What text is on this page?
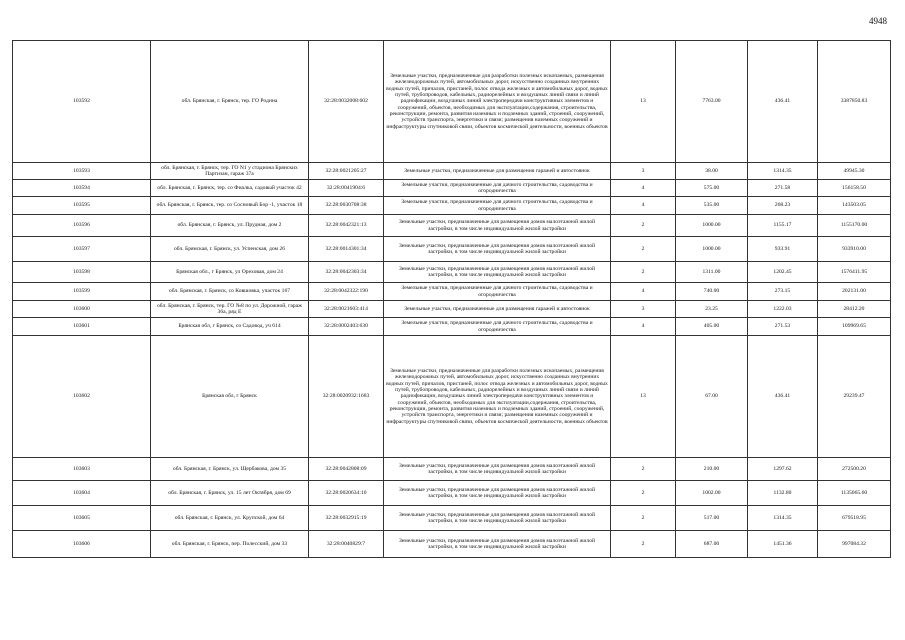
4948
103592	обл. Брянская, г. Брянск, тер. ГО Родина	32:28:0032008:602	Земельные участки, предназначенные для разработки полезных ископаемых, размещения железнодорожных путей, автомобильных дорог, искусственно созданных внутренних водных путей, причалов, пристаней, полос отвода железных и автомобильных дорог, водных путей, трубопроводов, кабельных, радиорелейных и воздушных линий связи и линий радиофикации, воздушных линий электропередачи конструктивных элементов и сооружений, объектов, необходимых для эксплуатации,содержания, строительства, реконструкции, ремонта, развития наземных и подземных зданий, строений, сооружений, устройств транспорта, энергетики и связи; размещения наземных сооружений и инфраструктуры спутниковой связи, объектов космической деятельности, военных объектов	13	7763.00	436.41	3387850.83
103593	обл. Брянская, г. Брянск, тер. ГО N1 у стадиона Брянских Партизан, гараж 37а	32:28:0021205:27	Земельные участки, предназначенные для размещения гаражей и автостоянок	3	38.00	1314.35	49945.30
103594	обл. Брянская, г. Брянск, тер. со Фиалка, садовый участок 42	32:28:0041904:6	Земельные участки, предназначенные для дачного строительства, садоводства и огородничества	4	575.00	271.58	156158.50
103595	обл. Брянская, г. Брянск, тер. со Сосновый Бор -1, участок 18	32:28:0030708:38	Земельные участки, предназначенные для дачного строительства, садоводства и огородничества	4	535.00	268.23	143503.05
103596	обл. Брянская, г. Брянск, ул. Прудная, дом 2	32:28:0042321:13	Земельные участки, предназначенные для размещения домов малоэтажной жилой застройки, в том числе индивидуальной жилой застройки	2	1000.00	1155.17	1155170.00
103597	обл. Брянская, г. Брянск, ул. Успенская, дом 26	32:28:0014301:34	Земельные участки, предназначенные для размещения домов малоэтажной жилой застройки, в том числе индивидуальной жилой застройки	2	1000.00	933.91	933910.00
103598	Брянская обл., г Брянск, ул Ореховая, дом 24	32:28:0042303:34	Земельные участки, предназначенные для размещения домов малоэтажной жилой застройки, в том числе индивидуальной жилой застройки	2	1311.00	1202.45	1576411.95
103599	обл. Брянская, г. Брянск, со Ковшовка, участок 167	32:28:0042322:190	Земельные участки, предназначенные для дачного строительства, садоводства и огородничества	4	740.00	273.15	202131.00
103600	обл. Брянская, г. Брянск, тер. ГО №8 по ул. Дорожной, гараж 36а, ряд Е	32:28:0021603:414	Земельные участки, предназначенные для размещения гаражей и автостоянок	3	23.25	1222.03	28412.20
103601	Брянская обл, г Брянск, со Садовод, уч 614	32:28:0002403:630	Земельные участки, предназначенные для дачного строительства, садоводства и огородничества	4	405.00	271.53	109969.65
103602	Брянская обл, г Брянск	32:28:0020932:1683	Земельные участки, предназначенные для разработки полезных ископаемых, размещения железнодорожных путей, автомобильных дорог, искусственно созданных внутренних водных путей, причалов, пристаней, полос отвода железных и автомобильных дорог, водных путей, трубопроводов, кабельных, радиорелейных и воздушных линий связи и линий радиофикации, воздушных линий электропередачи конструктивных элементов и сооружений, объектов, необходимых для эксплуатации,содержания, строительства, реконструкции, ремонта, развития наземных и подземных зданий, строений, сооружений, устройств транспорта, энергетики и связи; размещения наземных сооружений и инфраструктуры спутниковой связи, объектов космической деятельности, военных объектов	13	67.00	436.41	29239.47
103603	обл. Брянская, г. Брянск, ул. Щербакова, дом 35	32:28:0042808:09	Земельные участки, предназначенные для размещения домов малоэтажной жилой застройки, в том числе индивидуальной жилой застройки	2	210.00	1297.62	272500.20
103604	обл. Брянская, г. Брянск, ул. 15 лет Октября, дом 69	32:28:0020634:10	Земельные участки, предназначенные для размещения домов малоэтажной жилой застройки, в том числе индивидуальной жилой застройки	2	1002.00	1132.80	1135065.60
103605	обл. Брянская, г. Брянск, ул. Крупской, дом 64	32:28:0032915:19	Земельные участки, предназначенные для размещения домов малоэтажной жилой застройки, в том числе индивидуальной жилой застройки	2	517.00	1314.35	679518.95
103606	обл. Брянская, г. Брянск, пер. Полесский, дом 33	32:28:0040829:7	Земельные участки, предназначенные для размещения домов малоэтажной жилой застройки, в том числе индивидуальной жилой застройки	2	687.00	1451.36	997084.32
